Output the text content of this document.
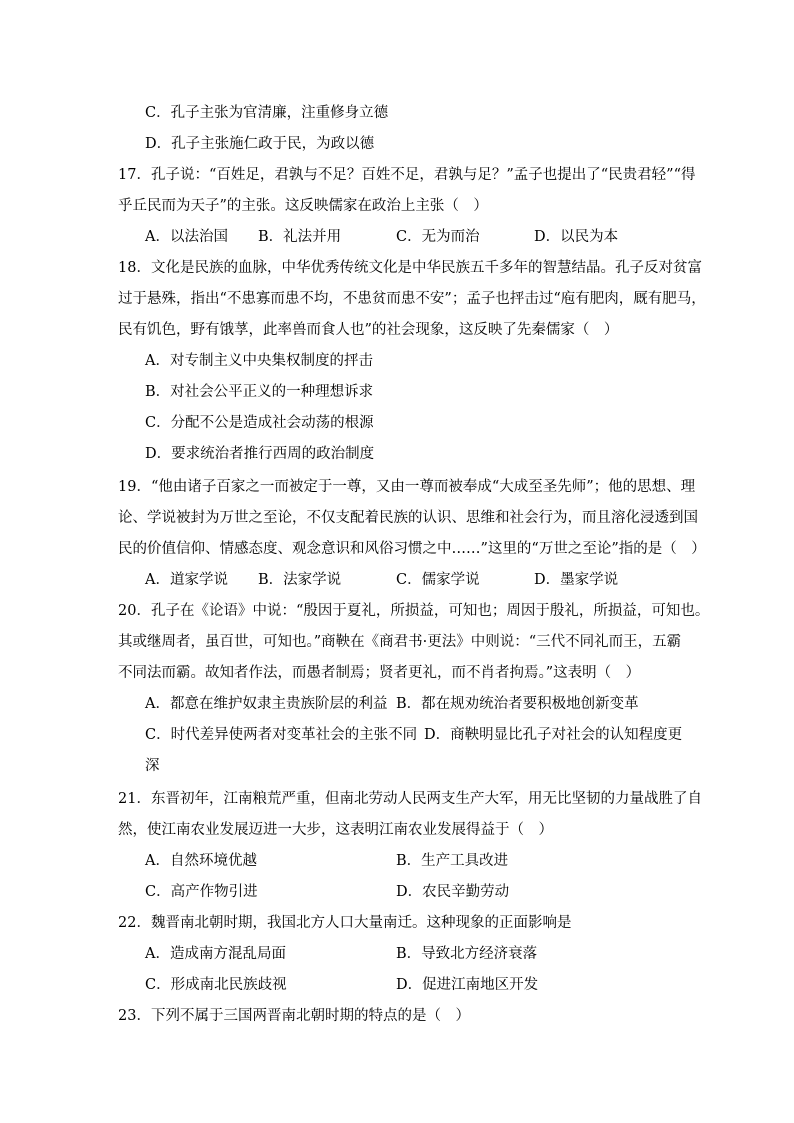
C．孔子主张为官清廉，注重修身立德
D．孔子主张施仁政于民，为政以德
17．孔子说：“百姓足，君孰与不足？百姓不足，君孰与足？”孟子也提出了“民贵君轻”“得
乎丘民而为天子”的主张。这反映儒家在政治上主张（　）
A．以法治国 B．礼法并用	C．无为而治	D．以民为本
18．文化是民族的血脉，中华优秀传统文化是中华民族五千多年的智慧结晶。孔子反对贫富
过于悬殊，指出“不患寡而患不均，不患贫而患不安”；孟子也抨击过“庖有肥肉，厩有肥马，
民有饥色，野有饿莩，此率兽而食人也”的社会现象，这反映了先秦儒家（　）
A．对专制主义中央集权制度的抨击
B．对社会公平正义的一种理想诉求
C．分配不公是造成社会动荡的根源
D．要求统治者推行西周的政治制度
19．“他由诸子百家之一而被定于一尊，又由一尊而被奉成“大成至圣先师”；他的思想、理
论、学说被封为万世之至论，不仅支配着民族的认识、思维和社会行为，而且溶化浸透到国
民的价值信仰、情感态度、观念意识和风俗习惯之中……”这里的“万世之至论”指的是（　）
A．道家学说 B．法家学说	C．儒家学说	D．墨家学说
20．孔子在《论语》中说：“殷因于夏礼，所损益，可知也；周因于殷礼，所损益，可知也。
其或继周者，虽百世，可知也。”商鞅在《商君书·更法》中则说：“三代不同礼而王，五霸
不同法而霸。故知者作法，而愚者制焉；贤者更礼，而不肖者拘焉。”这表明（　）
A．都意在维护奴隶主贵族阶层的利益 B．都在规劝统治者要积极地创新变革
C．时代差异使两者对变革社会的主张不同 D．商鞅明显比孔子对社会的认知程度更
深
21．东晋初年，江南粮荒严重，但南北劳动人民两支生产大军，用无比坚韧的力量战胜了自
然，使江南农业发展迈进一大步，这表明江南农业发展得益于（　）
A．自然环境优越	B．生产工具改进
C．高产作物引进	D．农民辛勤劳动
22．魏晋南北朝时期，我国北方人口大量南迁。这种现象的正面影响是
A．造成南方混乱局面	B．导致北方经济衰落
C．形成南北民族歧视	D．促进江南地区开发
23．下列不属于三国两晋南北朝时期的特点的是（　）
